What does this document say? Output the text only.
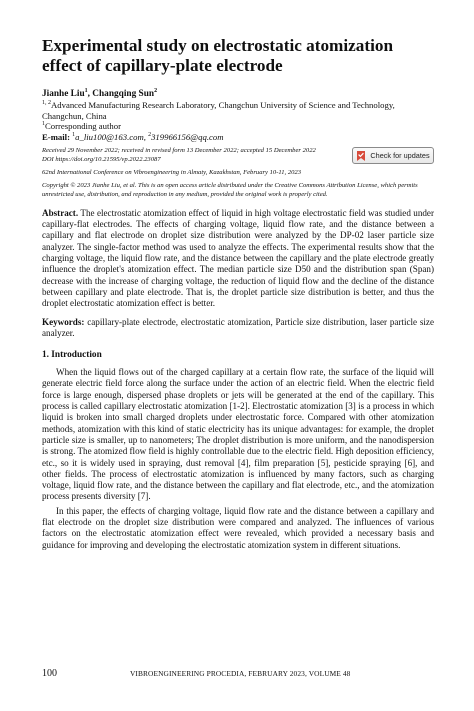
Experimental study on electrostatic atomization effect of capillary-plate electrode

Jianhe Liu$^1$, Changqing Sun$^2$

$^{1, 2}$Advanced Manufacturing Research Laboratory, Changchun University of Science and Technology, Changchun, China

$^1$Corresponding author

E-mail: $^1$a_liu100@163.com, $^2$319966156@qq.com

Received 29 November 2022; received in revised form 13 December 2022; accepted 15 December 2022

DOI https://doi.org/10.21595/vp.2022.23087	Check for updates

62nd International Conference on Vibroengineering in Almaty, Kazakhstan, February 10-11, 2023

Copyright © 2023 Jianhe Liu, et al. This is an open access article distributed under the Creative Commons Attribution License, which permits unrestricted use, distribution, and reproduction in any medium, provided the original work is properly cited.

Abstract. The electrostatic atomization effect of liquid in high voltage electrostatic field was studied under capillary-flat electrodes. The effects of charging voltage, liquid flow rate, and the distance between a capillary and flat electrode on droplet size distribution were analyzed by the DP-02 laser particle size analyzer. The single-factor method was used to analyze the effects. The experimental results show that the charging voltage, the liquid flow rate, and the distance between the capillary and the plate electrode greatly influence the droplet's atomization effect. The median particle size D50 and the distribution span (Span) decrease with the increase of charging voltage, the reduction of liquid flow and the decline of the distance between capillary and plate electrode. That is, the droplet particle size distribution is better, and thus the droplet electrostatic atomization effect is better.

Keywords: capillary-plate electrode, electrostatic atomization, Particle size distribution, laser particle size analyzer.

1. Introduction

When the liquid flows out of the charged capillary at a certain flow rate, the surface of the liquid will generate electric field force along the surface under the action of an electric field. When the electric field force is large enough, dispersed phase droplets or jets will be generated at the end of the capillary. This process is called capillary electrostatic atomization [1-2]. Electrostatic atomization [3] is a process in which liquid is broken into small charged droplets under electrostatic force. Compared with other atomization methods, atomization with this kind of static electricity has its unique advantages: for example, the droplet particle size is smaller, up to nanometers; The droplet distribution is more uniform, and the nanodispersion is strong. The atomized flow field is highly controllable due to the electric field. High deposition efficiency, etc., so it is widely used in spraying, dust removal [4], film preparation [5], pesticide spraying [6], and other fields. The process of electrostatic atomization is influenced by many factors, such as charging voltage, liquid flow rate, and the distance between the capillary and flat electrode, etc., and the atomization process presents diversity [7].

In this paper, the effects of charging voltage, liquid flow rate and the distance between a capillary and flat electrode on the droplet size distribution were compared and analyzed. The influences of various factors on the electrostatic atomization effect were revealed, which provided a necessary basis and guidance for improving and developing the electrostatic atomization system in different situations.

100	VIBROENGINEERING PROCEDIA, FEBRUARY 2023, VOLUME 48
